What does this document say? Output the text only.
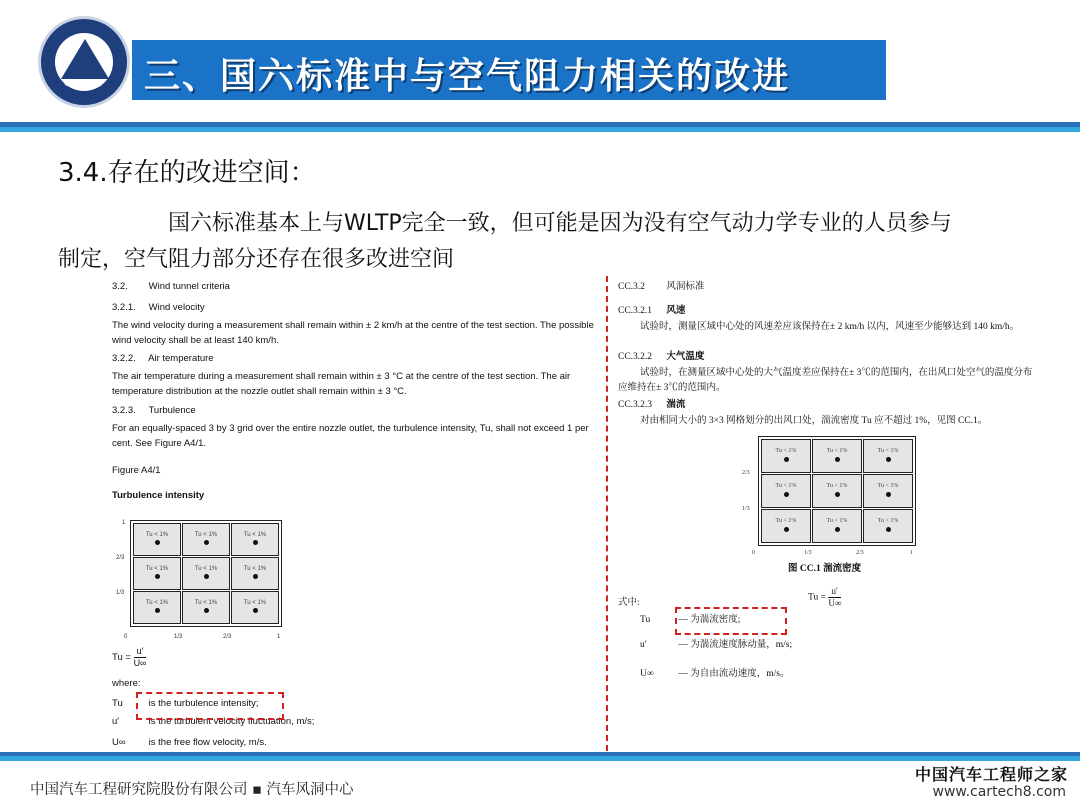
CAERI	三、国六标准中与空气阻力相关的改进
3.4.存在的改进空间：
国六标准基本上与WLTP完全一致，但可能是因为没有空气动力学专业的人员参与
制定，空气阻力部分还存在很多改进空间
3.2. Wind tunnel criteria
3.2.1. Wind velocity
The wind velocity during a measurement shall remain within ± 2 km/h at the centre of the test section. The possible wind velocity shall be at least 140 km/h.
3.2.2. Air temperature
The air temperature during a measurement shall remain within ± 3 °C at the centre of the test section. The air temperature distribution at the nozzle outlet shall remain within ± 3 °C.
3.2.3. Turbulence
For an equally-spaced 3 by 3 grid over the entire nozzle outlet, the turbulence intensity, Tu, shall not exceed 1 per cent. See Figure A4/1.
Figure A4/1
Turbulence intensity
1
2/3
1/3
Tu < 1%	Tu < 1%	Tu < 1%
Tu < 1%	Tu < 1%	Tu < 1%
Tu < 1%	Tu < 1%	Tu < 1%
0	1/3	2/3	1
$Tu = \frac{u'}{U\infty}$
where:
Tu	is the turbulence intensity;
u′	is the turbulent velocity fluctuation, m/s;
U∞ is the free flow velocity, m/s.
CC.3.2 风洞标准
CC.3.2.1 风速
试验时，测量区域中心处的风速差应该保持在± 2 km/h 以内，风速至少能够达到 140 km/h。
CC.3.2.2 大气温度
试验时，在测量区域中心处的大气温度差应保持在± 3℃的范围内，在出风口处空气的温度分布应维持在± 3℃的范围内。
CC.3.2.3 湍流
对由相同大小的 3×3 网格划分的出风口处，湍流密度 Tu 应不超过 1%，见图 CC.1。
2/3
1/3
Tu < 1%	Tu < 1%	Tu < 1%
Tu < 1%	Tu < 1%	Tu < 1%
Tu < 1%	Tu < 1%	Tu < 1%
0	1/3	2/3	1
图 CC.1 湍流密度
$Tu = \frac{u'}{U\infty}$
式中:
Tu	— 为湍流密度;
u′	— 为湍流速度脉动量，m/s;
U∞	— 为自由流动速度，m/s。
中国汽车工程研究院股份有限公司 ▪ 汽车风洞中心
中国汽车工程师之家
www.cartech8.com
